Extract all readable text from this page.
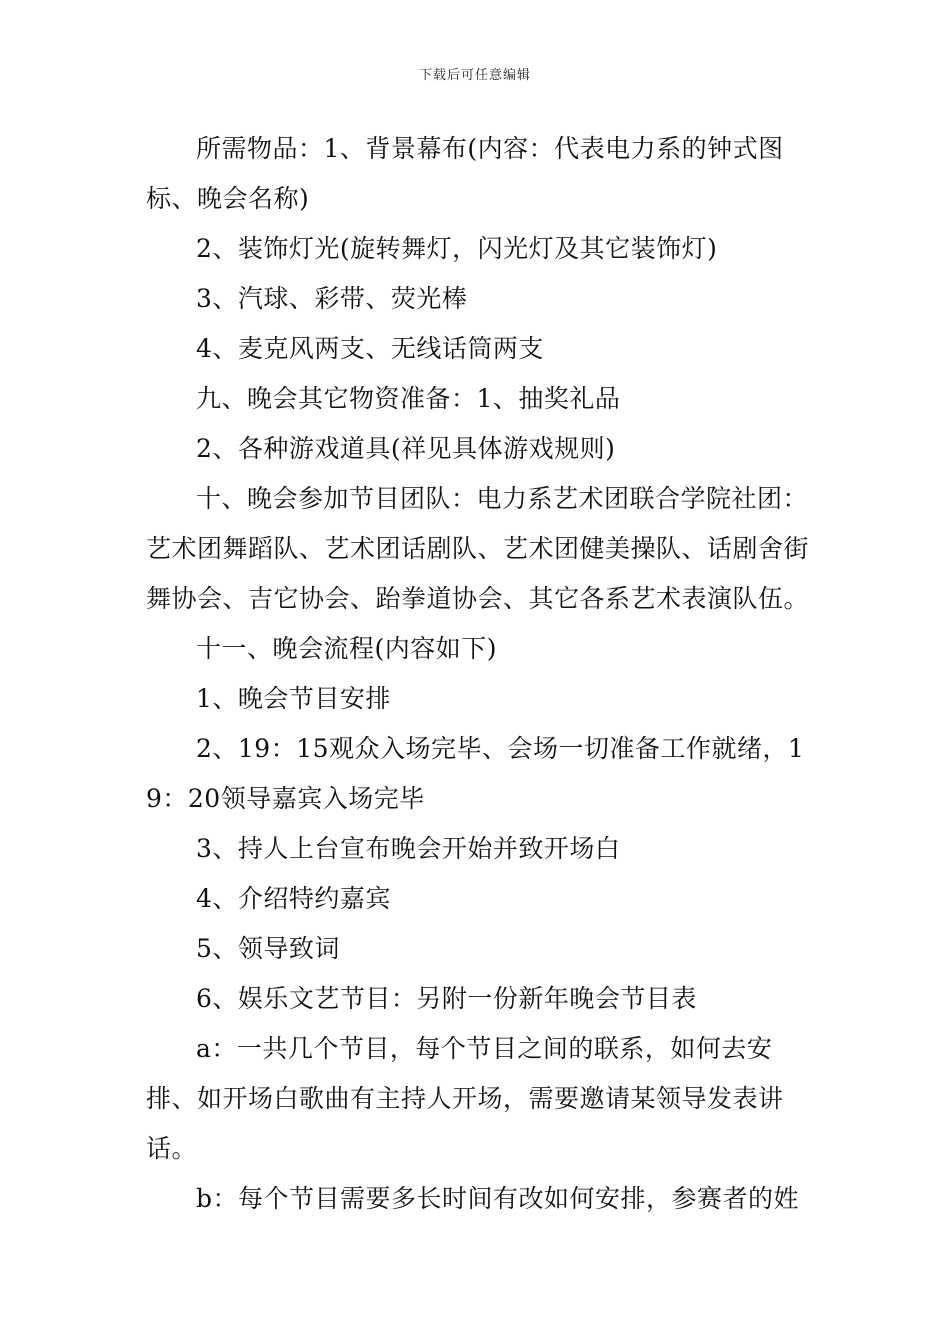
下载后可任意编辑

所需物品：1、背景幕布(内容：代表电力系的钟式图标、晚会名称)

2、装饰灯光(旋转舞灯，闪光灯及其它装饰灯)

3、汽球、彩带、荧光棒

4、麦克风两支、无线话筒两支

九、晚会其它物资准备：1、抽奖礼品

2、各种游戏道具(祥见具体游戏规则)

十、晚会参加节目团队：电力系艺术团联合学院社团：艺术团舞蹈队、艺术团话剧队、艺术团健美操队、话剧舍街舞协会、吉它协会、跆拳道协会、其它各系艺术表演队伍。

十一、晚会流程(内容如下)

1、晚会节目安排

2、19：15观众入场完毕、会场一切准备工作就绪，19：20领导嘉宾入场完毕

3、持人上台宣布晚会开始并致开场白

4、介绍特约嘉宾

5、领导致词

6、娱乐文艺节目：另附一份新年晚会节目表

a：一共几个节目，每个节目之间的联系，如何去安排、如开场白歌曲有主持人开场，需要邀请某领导发表讲话。

b：每个节目需要多长时间有改如何安排，参赛者的姓
